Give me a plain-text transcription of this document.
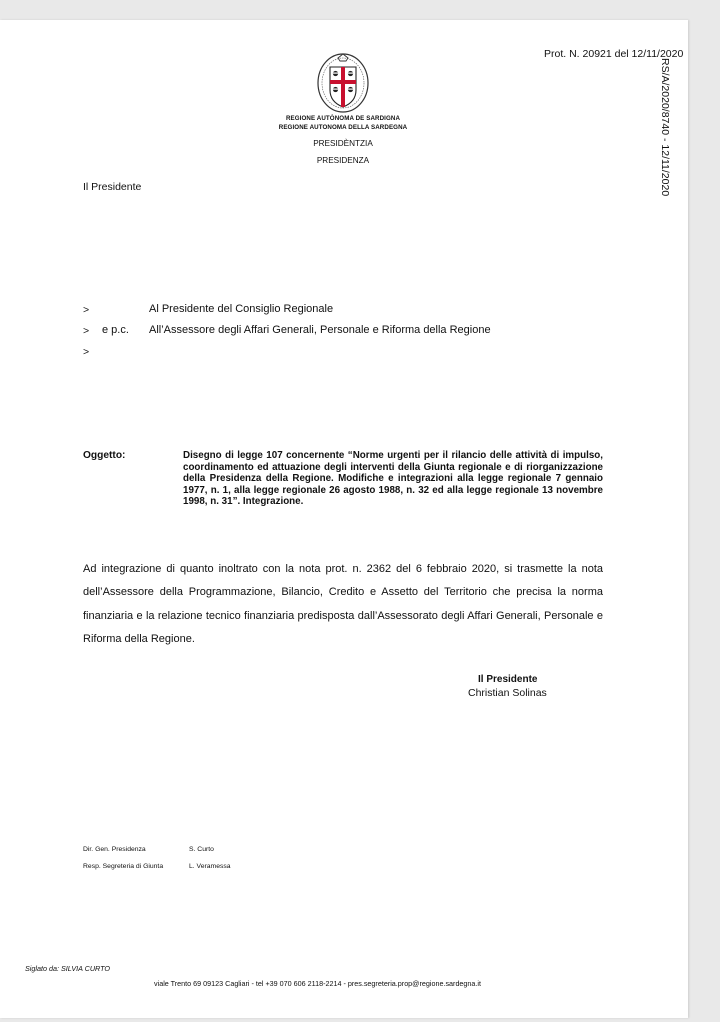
Prot. N. 20921 del 12/11/2020
RS/A/2020/8740 - 12/11/2020
REGIONE AUTÒNOMA DE SARDIGNA
REGIONE AUTONOMA DELLA SARDEGNA
PRESIDÈNTZIA
PRESIDENZA
Il Presidente
>	Al Presidente del Consiglio Regionale
> e p.c. All’Assessore degli Affari Generali, Personale e Riforma della Regione
>
Oggetto:	Disegno di legge 107 concernente “Norme urgenti per il rilancio delle attività di impulso, coordinamento ed attuazione degli interventi della Giunta regionale e di riorganizzazione della Presidenza della Regione. Modifiche e integrazioni alla legge regionale 7 gennaio 1977, n. 1, alla legge regionale 26 agosto 1988, n. 32 ed alla legge regionale 13 novembre 1998, n. 31”. Integrazione.
Ad integrazione di quanto inoltrato con la nota prot. n. 2362 del 6 febbraio 2020, si trasmette la nota dell’Assessore della Programmazione, Bilancio, Credito e Assetto del Territorio che precisa la norma finanziaria e la relazione tecnico finanziaria predisposta dall’Assessorato degli Affari Generali, Personale e Riforma della Regione.
Il Presidente
Christian Solinas
Dir. Gen. Presidenza	S. Curto
Resp. Segreteria di Giunta	L. Veramessa
Siglato da: SILVIA CURTO
viale Trento 69 09123 Cagliari - tel +39 070 606 2118-2214 - pres.segreteria.prop@regione.sardegna.it
